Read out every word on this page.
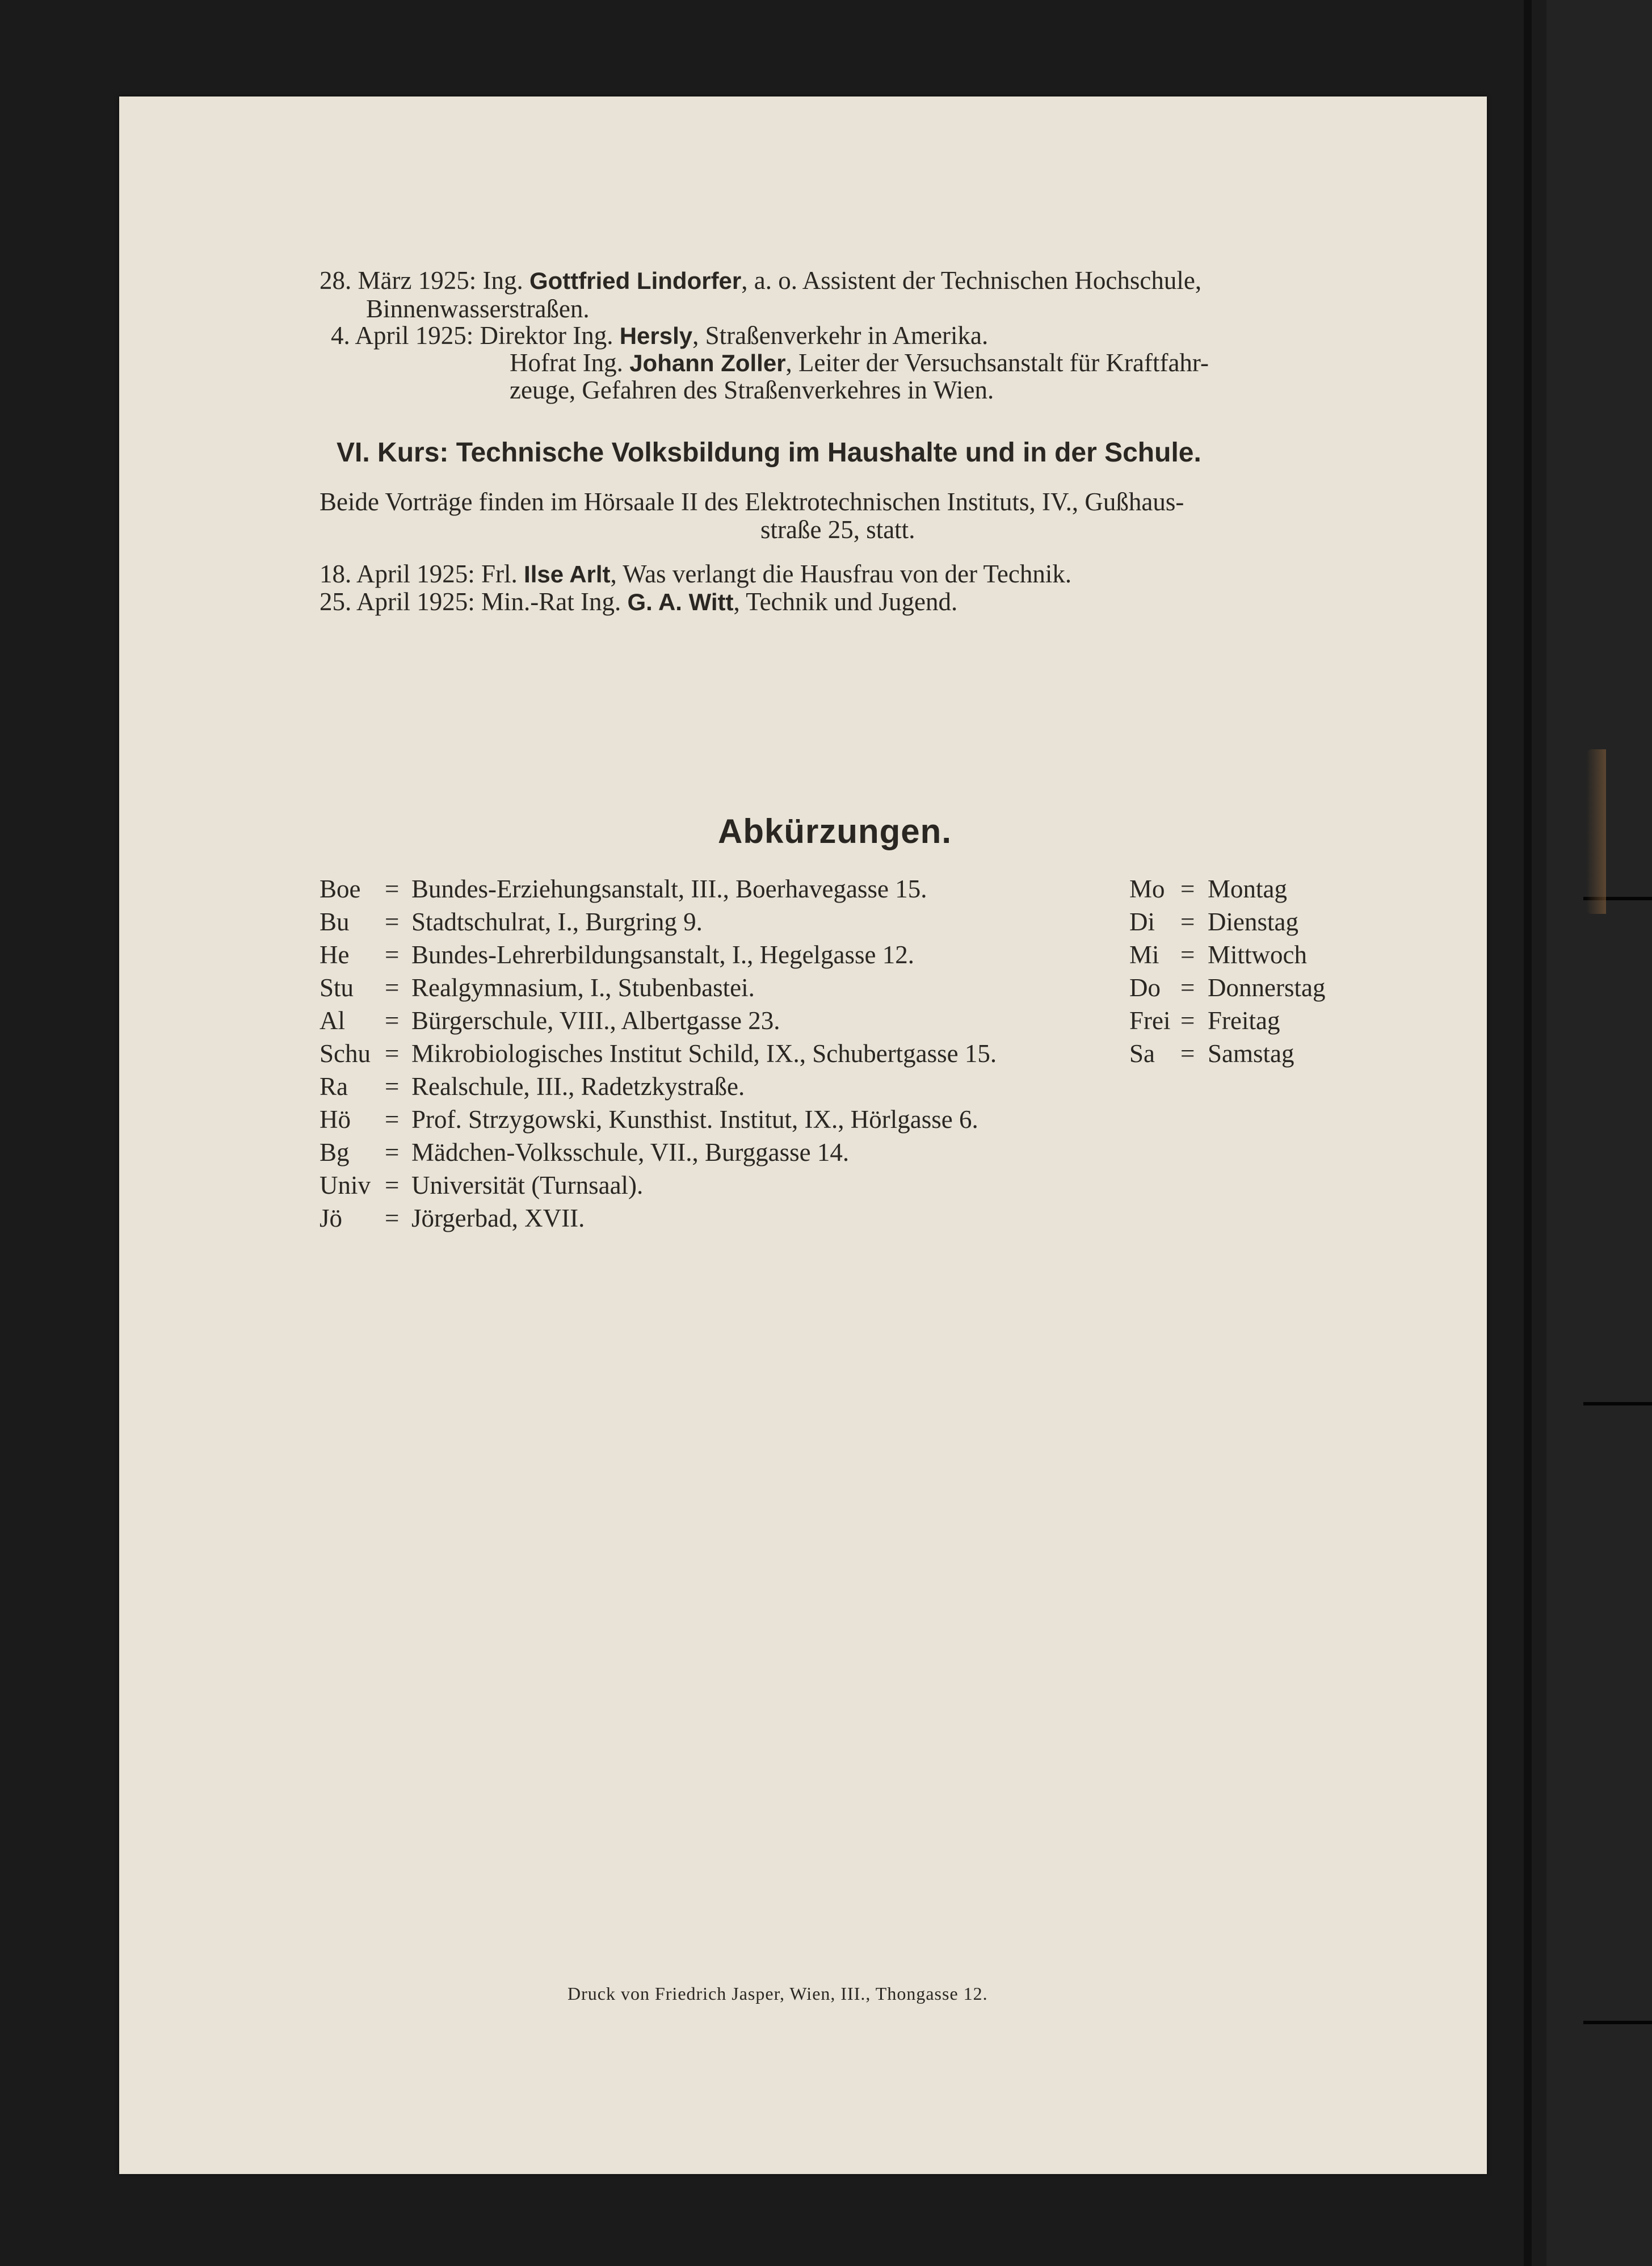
28. März 1925: Ing. Gottfried Lindorfer, a. o. Assistent der Technischen Hochschule,
Binnenwasserstraßen.
4. April 1925: Direktor Ing. Hersly, Straßenverkehr in Amerika.
Hofrat Ing. Johann Zoller, Leiter der Versuchsanstalt für Kraftfahr-
zeuge, Gefahren des Straßenverkehres in Wien.
VI. Kurs: Technische Volksbildung im Haushalte und in der Schule.
Beide Vorträge finden im Hörsaale II des Elektrotechnischen Instituts, IV., Gußhaus-
straße 25, statt.
18. April 1925: Frl. Ilse Arlt, Was verlangt die Hausfrau von der Technik.
25. April 1925: Min.-Rat Ing. G. A. Witt, Technik und Jugend.
Abkürzungen.
Boe = Bundes-Erziehungsanstalt, III., Boerhavegasse 15.
Bu = Stadtschulrat, I., Burgring 9.
He = Bundes-Lehrerbildungsanstalt, I., Hegelgasse 12.
Stu = Realgymnasium, I., Stubenbastei.
Al = Bürgerschule, VIII., Albertgasse 23.
Schu = Mikrobiologisches Institut Schild, IX., Schubertgasse 15.
Ra = Realschule, III., Radetzkystraße.
Hö = Prof. Strzygowski, Kunsthist. Institut, IX., Hörlgasse 6.
Bg = Mädchen-Volksschule, VII., Burggasse 14.
Univ = Universität (Turnsaal).
Jö = Jörgerbad, XVII.
Mo = Montag
Di = Dienstag
Mi = Mittwoch
Do = Donnerstag
Frei = Freitag
Sa = Samstag
Druck von Friedrich Jasper, Wien, III., Thongasse 12.
